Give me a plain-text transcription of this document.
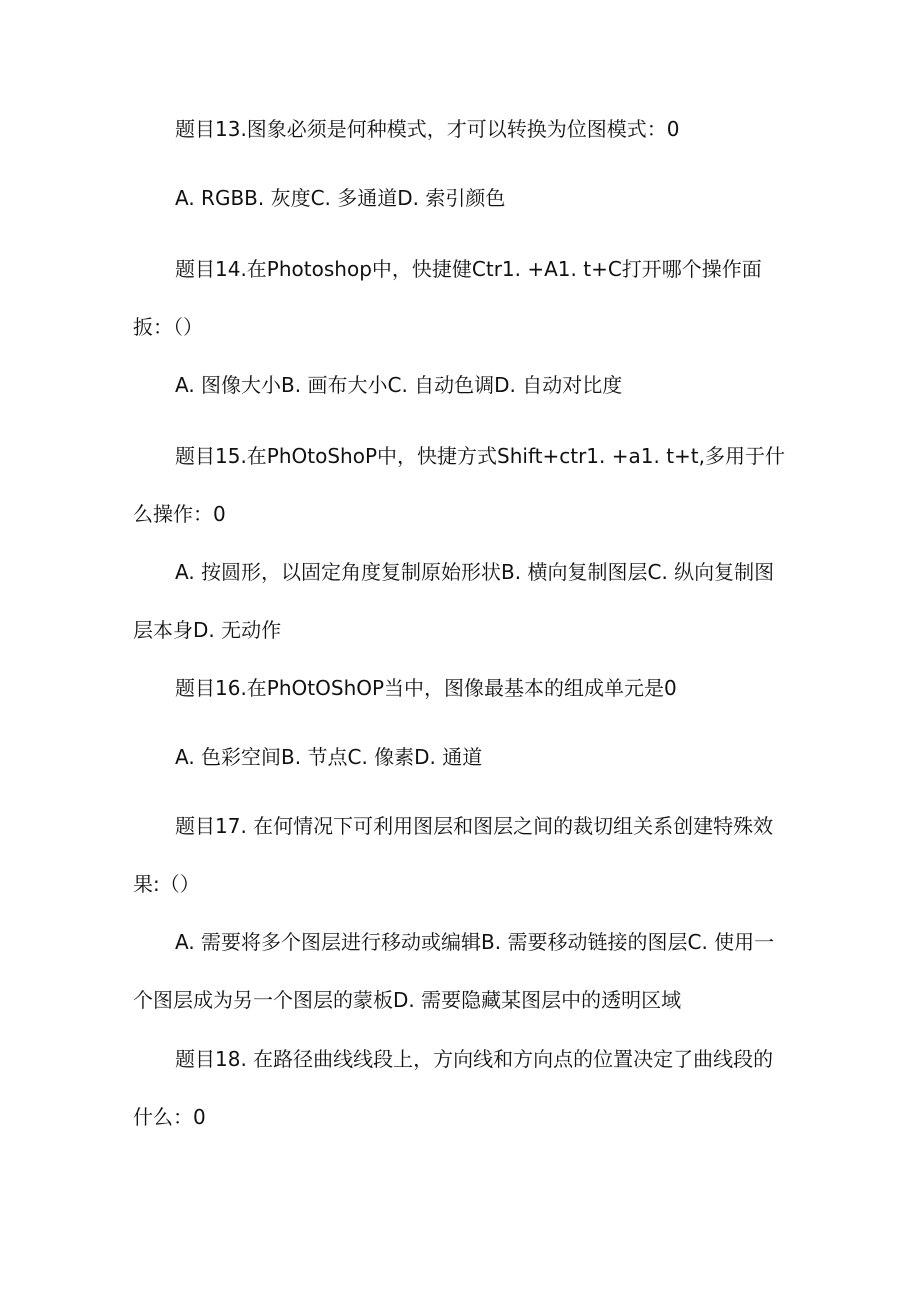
题目13.图象必须是何种模式，才可以转换为位图模式：0
A. RGBB. 灰度C. 多通道D. 索引颜色
题目14.在Photoshop中，快捷健Ctr1. +A1. t+C打开哪个操作面扳：（）
A. 图像大小B. 画布大小C. 自动色调D. 自动对比度
题目15.在PhOtoShoP中，快捷方式Shift+ctr1. +a1. t+t,多用于什么操作：0
A. 按圆形，以固定角度复制原始形状B. 横向复制图层C. 纵向复制图层本身D. 无动作
题目16.在PhOtOShOP当中，图像最基本的组成单元是0
A. 色彩空间B. 节点C. 像素D. 通道
题目17. 在何情况下可利用图层和图层之间的裁切组关系创建特殊效果:（）
A. 需要将多个图层进行移动或编辑B. 需要移动链接的图层C. 使用一个图层成为另一个图层的蒙板D. 需要隐藏某图层中的透明区域
题目18. 在路径曲线线段上，方向线和方向点的位置决定了曲线段的什么：0
